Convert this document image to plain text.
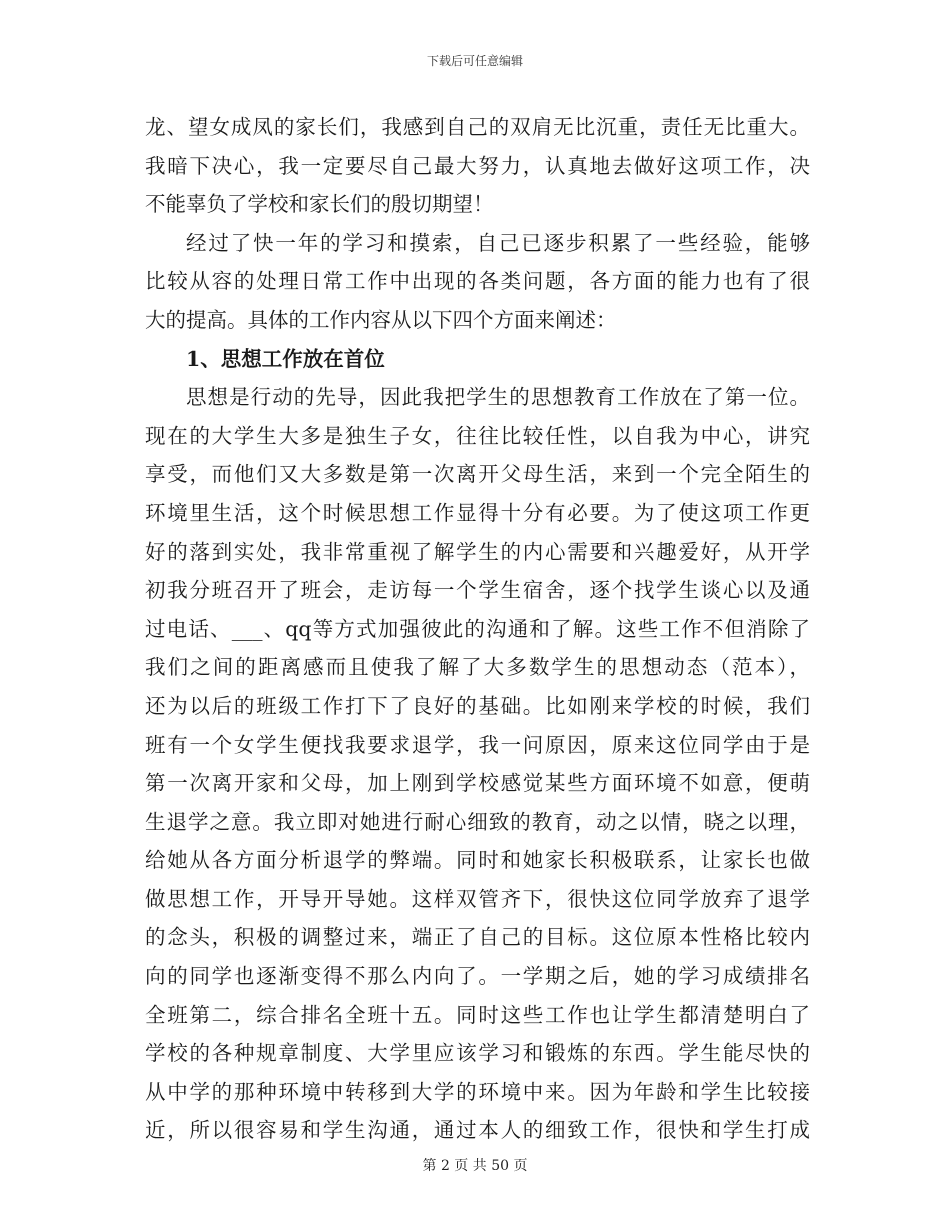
下载后可任意编辑
龙、望女成凤的家长们，我感到自己的双肩无比沉重，责任无比重大。
我暗下决心，我一定要尽自己最大努力，认真地去做好这项工作，决
不能辜负了学校和家长们的殷切期望！
经过了快一年的学习和摸索，自己已逐步积累了一些经验，能够
比较从容的处理日常工作中出现的各类问题，各方面的能力也有了很
大的提高。具体的工作内容从以下四个方面来阐述：
1、思想工作放在首位
思想是行动的先导，因此我把学生的思想教育工作放在了第一位。
现在的大学生大多是独生子女，往往比较任性，以自我为中心，讲究
享受，而他们又大多数是第一次离开父母生活，来到一个完全陌生的
环境里生活，这个时候思想工作显得十分有必要。为了使这项工作更
好的落到实处，我非常重视了解学生的内心需要和兴趣爱好，从开学
初我分班召开了班会，走访每一个学生宿舍，逐个找学生谈心以及通
过电话、___、qq等方式加强彼此的沟通和了解。这些工作不但消除了
我们之间的距离感而且使我了解了大多数学生的思想动态（范本），
还为以后的班级工作打下了良好的基础。比如刚来学校的时候，我们
班有一个女学生便找我要求退学，我一问原因，原来这位同学由于是
第一次离开家和父母，加上刚到学校感觉某些方面环境不如意，便萌
生退学之意。我立即对她进行耐心细致的教育，动之以情，晓之以理，
给她从各方面分析退学的弊端。同时和她家长积极联系，让家长也做
做思想工作，开导开导她。这样双管齐下，很快这位同学放弃了退学
的念头，积极的调整过来，端正了自己的目标。这位原本性格比较内
向的同学也逐渐变得不那么内向了。一学期之后，她的学习成绩排名
全班第二，综合排名全班十五。同时这些工作也让学生都清楚明白了
学校的各种规章制度、大学里应该学习和锻炼的东西。学生能尽快的
从中学的那种环境中转移到大学的环境中来。因为年龄和学生比较接
近，所以很容易和学生沟通，通过本人的细致工作，很快和学生打成
第 2 页 共 50 页
